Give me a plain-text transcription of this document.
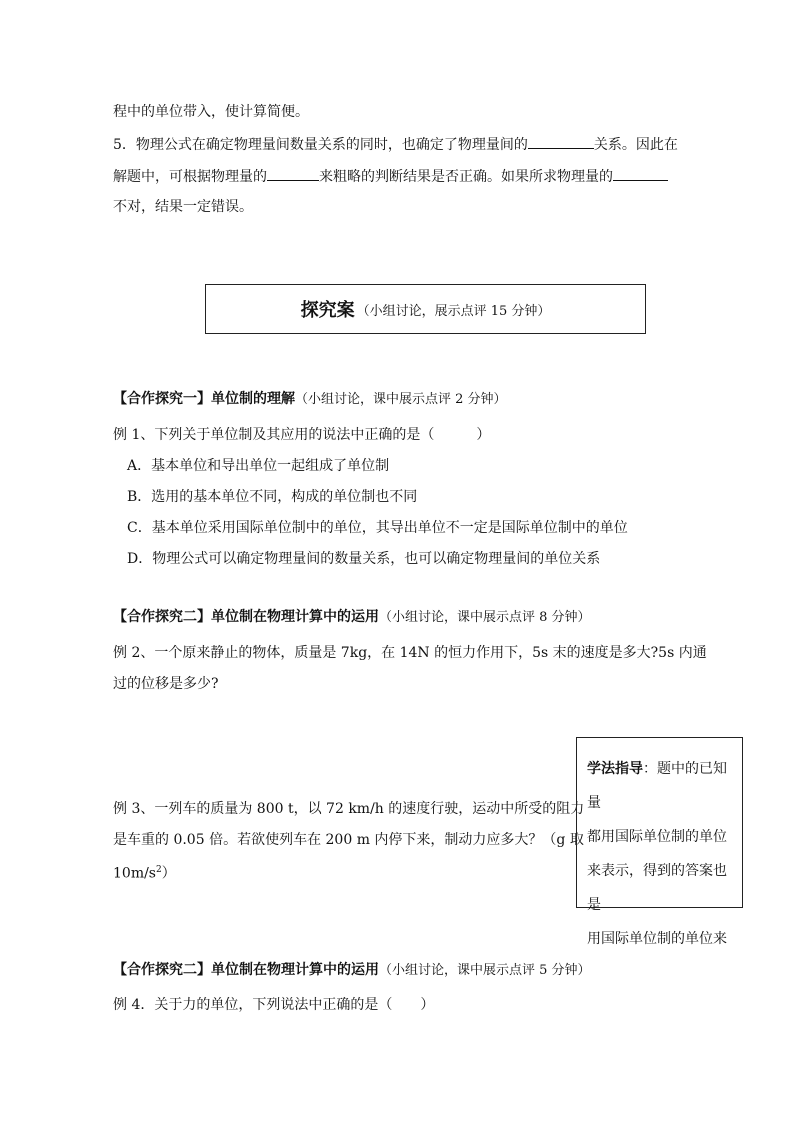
程中的单位带入，使计算简便。
5．物理公式在确定物理量间数量关系的同时，也确定了物理量间的	关系。因此在
解题中，可根据物理量的	来粗略的判断结果是否正确。如果所求物理量的
不对，结果一定错误。
探究案 （小组讨论，展示点评 15 分钟）
【合作探究一】单位制的理解（小组讨论，课中展示点评 2 分钟）
例 1、下列关于单位制及其应用的说法中正确的是（　　　）
A．基本单位和导出单位一起组成了单位制
B．选用的基本单位不同，构成的单位制也不同
C．基本单位采用国际单位制中的单位，其导出单位不一定是国际单位制中的单位
D．物理公式可以确定物理量间的数量关系，也可以确定物理量间的单位关系
【合作探究二】单位制在物理计算中的运用（小组讨论，课中展示点评 8 分钟）
例 2、一个原来静止的物体，质量是 7kg，在 14N 的恒力作用下，5s 末的速度是多大?5s 内通
过的位移是多少?
例 3、一列车的质量为 800 t，以 72 km/h 的速度行驶，运动中所受的阻力
是车重的 0.05 倍。若欲使列车在 200 m 内停下来，制动力应多大？（g 取
$10m/s^2$）
学法指导：题中的已知量
都用国际单位制的单位
来表示，得到的答案也是
用国际单位制的单位来
【合作探究二】单位制在物理计算中的运用（小组讨论，课中展示点评 5 分钟）
例 4．关于力的单位，下列说法中正确的是（　　）
